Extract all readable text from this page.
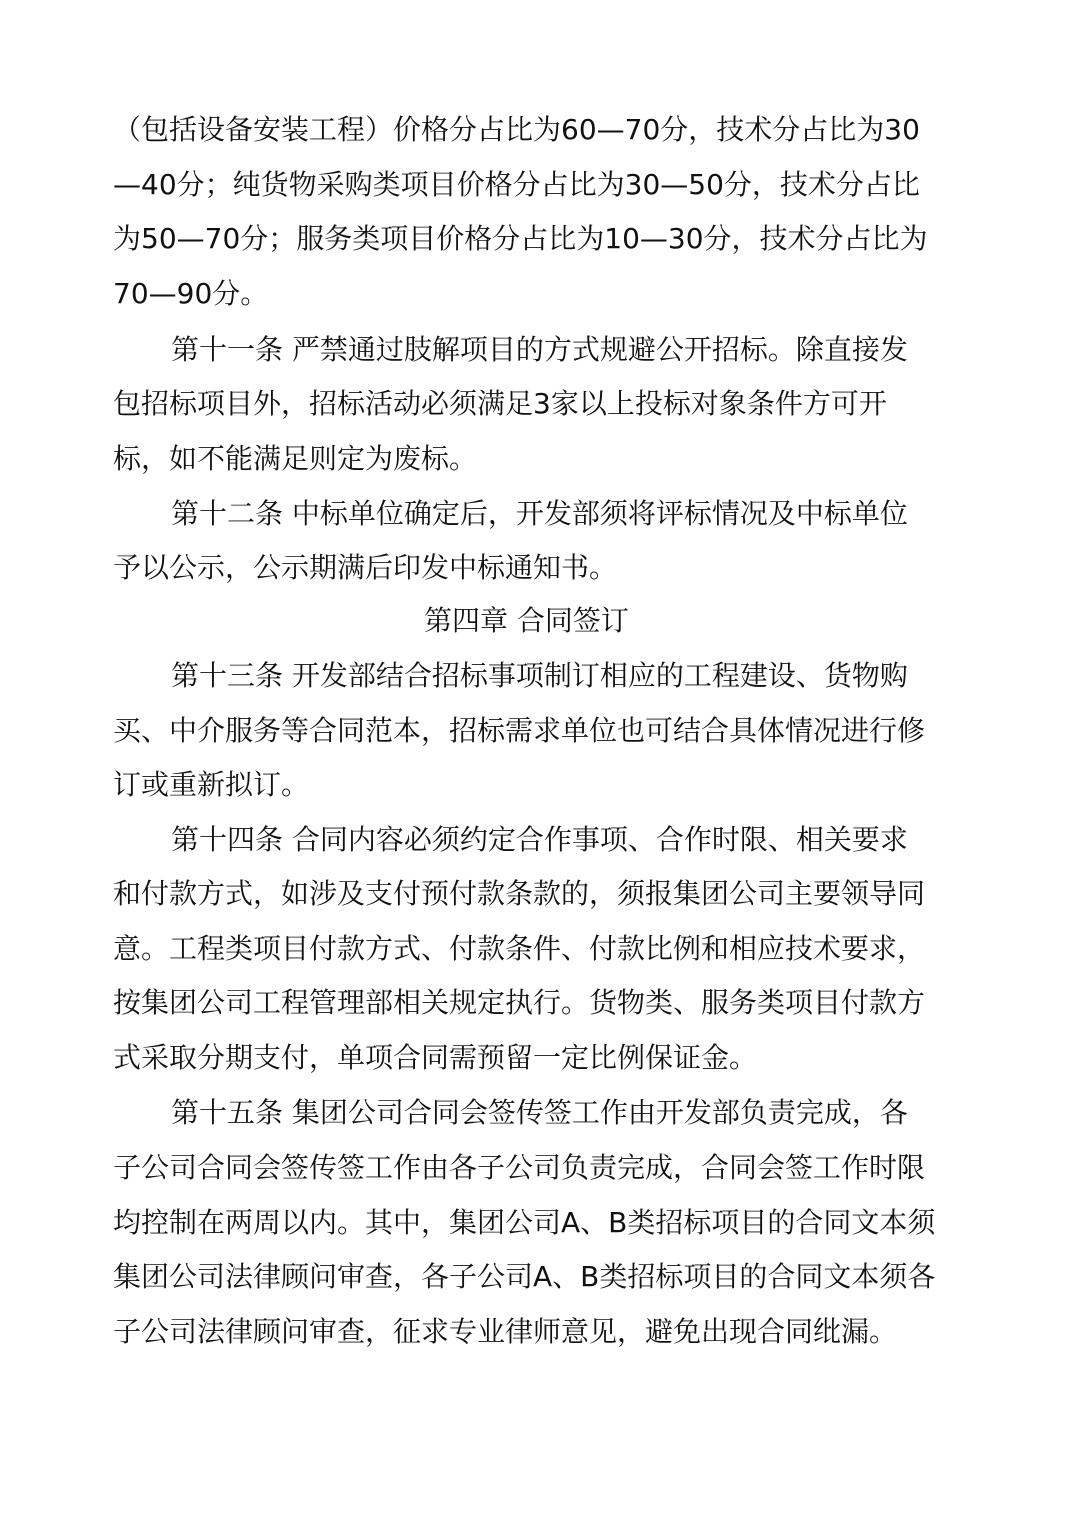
（包括设备安装工程）价格分占比为60—70分，技术分占比为30
—40分；纯货物采购类项目价格分占比为30—50分，技术分占比
为50—70分；服务类项目价格分占比为10—30分，技术分占比为
70—90分。
第十一条 严禁通过肢解项目的方式规避公开招标。除直接发
包招标项目外，招标活动必须满足3家以上投标对象条件方可开
标，如不能满足则定为废标。
第十二条 中标单位确定后，开发部须将评标情况及中标单位
予以公示，公示期满后印发中标通知书。
第四章 合同签订
第十三条 开发部结合招标事项制订相应的工程建设、货物购
买、中介服务等合同范本，招标需求单位也可结合具体情况进行修
订或重新拟订。
第十四条 合同内容必须约定合作事项、合作时限、相关要求
和付款方式，如涉及支付预付款条款的，须报集团公司主要领导同
意。工程类项目付款方式、付款条件、付款比例和相应技术要求，
按集团公司工程管理部相关规定执行。货物类、服务类项目付款方
式采取分期支付，单项合同需预留一定比例保证金。
第十五条 集团公司合同会签传签工作由开发部负责完成，各
子公司合同会签传签工作由各子公司负责完成，合同会签工作时限
均控制在两周以内。其中，集团公司A、B类招标项目的合同文本须
集团公司法律顾问审查，各子公司A、B类招标项目的合同文本须各
子公司法律顾问审查，征求专业律师意见，避免出现合同纰漏。
